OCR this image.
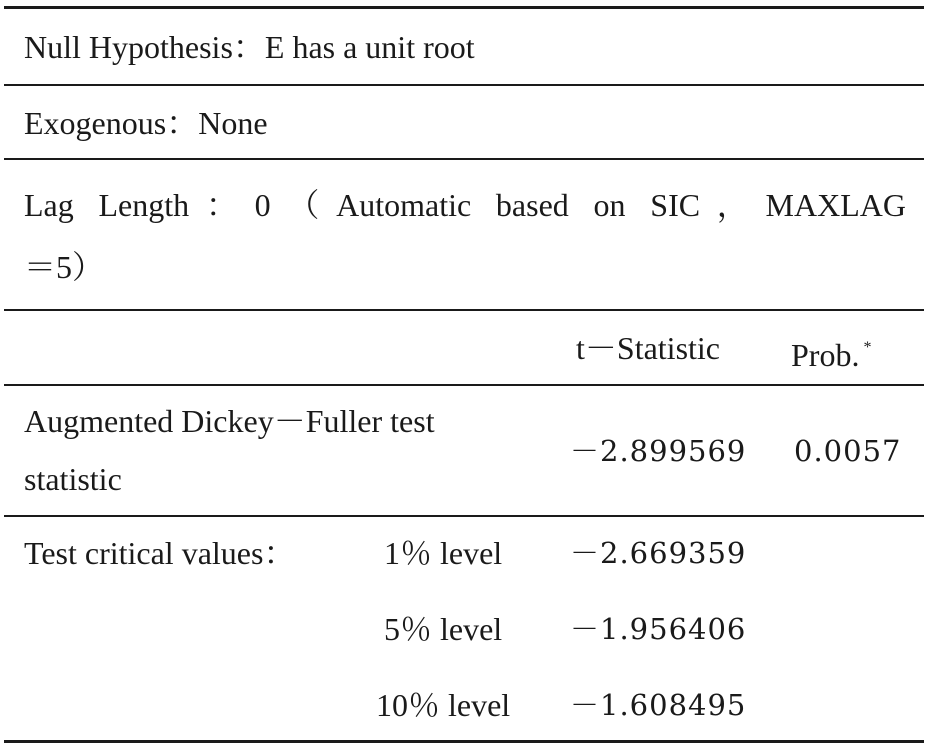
Null Hypothesis：E has a unit root
Exogenous：None
Lag Length：0（Automatic based on SIC，MAXLAG
＝5）
t－Statistic Prob. *
Augmented Dickey－Fuller test
statistic
－2.899569 0.0057
Test critical values：	1％ level －2.669359
5％ level －1.956406
10％ level －1.608495
